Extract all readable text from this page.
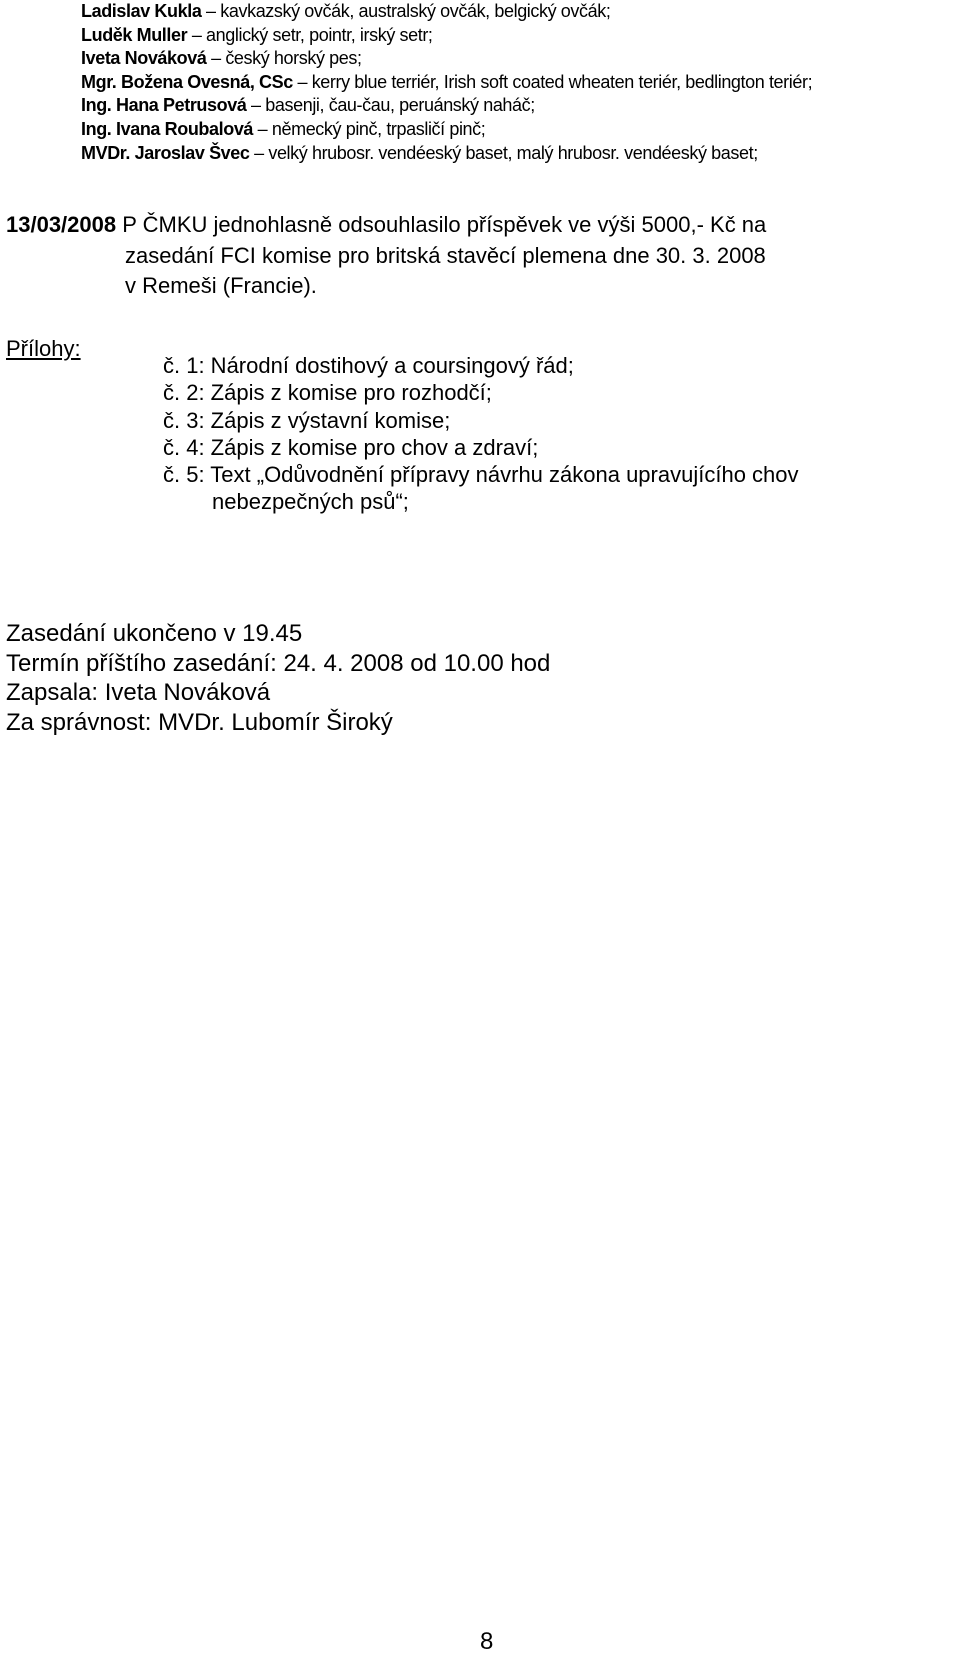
Ladislav Kukla – kavkazský ovčák, australský ovčák, belgický ovčák;
Luděk Muller – anglický setr, pointr, irský setr;
Iveta Nováková – český horský pes;
Mgr. Božena Ovesná, CSc – kerry blue terriér, Irish soft coated wheaten teriér, bedlington teriér;
Ing. Hana Petrusová – basenji, čau-čau, peruánský naháč;
Ing. Ivana Roubalová – německý pinč, trpasličí pinč;
MVDr. Jaroslav Švec – velký hrubosr. vendéeský baset, malý hrubosr. vendéeský baset;
13/03/2008 P ČMKU jednohlasně odsouhlasilo příspěvek ve výši 5000,- Kč na
zasedání FCI komise pro britská stavěcí plemena dne 30. 3. 2008
v Remeši (Francie).
Přílohy:
č. 1: Národní dostihový a coursingový řád;
č. 2: Zápis z komise pro rozhodčí;
č. 3: Zápis z výstavní komise;
č. 4: Zápis z komise pro chov a zdraví;
č. 5: Text „Odůvodnění přípravy návrhu zákona upravujícího chov
nebezpečných psů“;
Zasedání ukončeno v 19.45
Termín příštího zasedání: 24. 4. 2008 od 10.00 hod
Zapsala: Iveta Nováková
Za správnost: MVDr. Lubomír Široký
8
